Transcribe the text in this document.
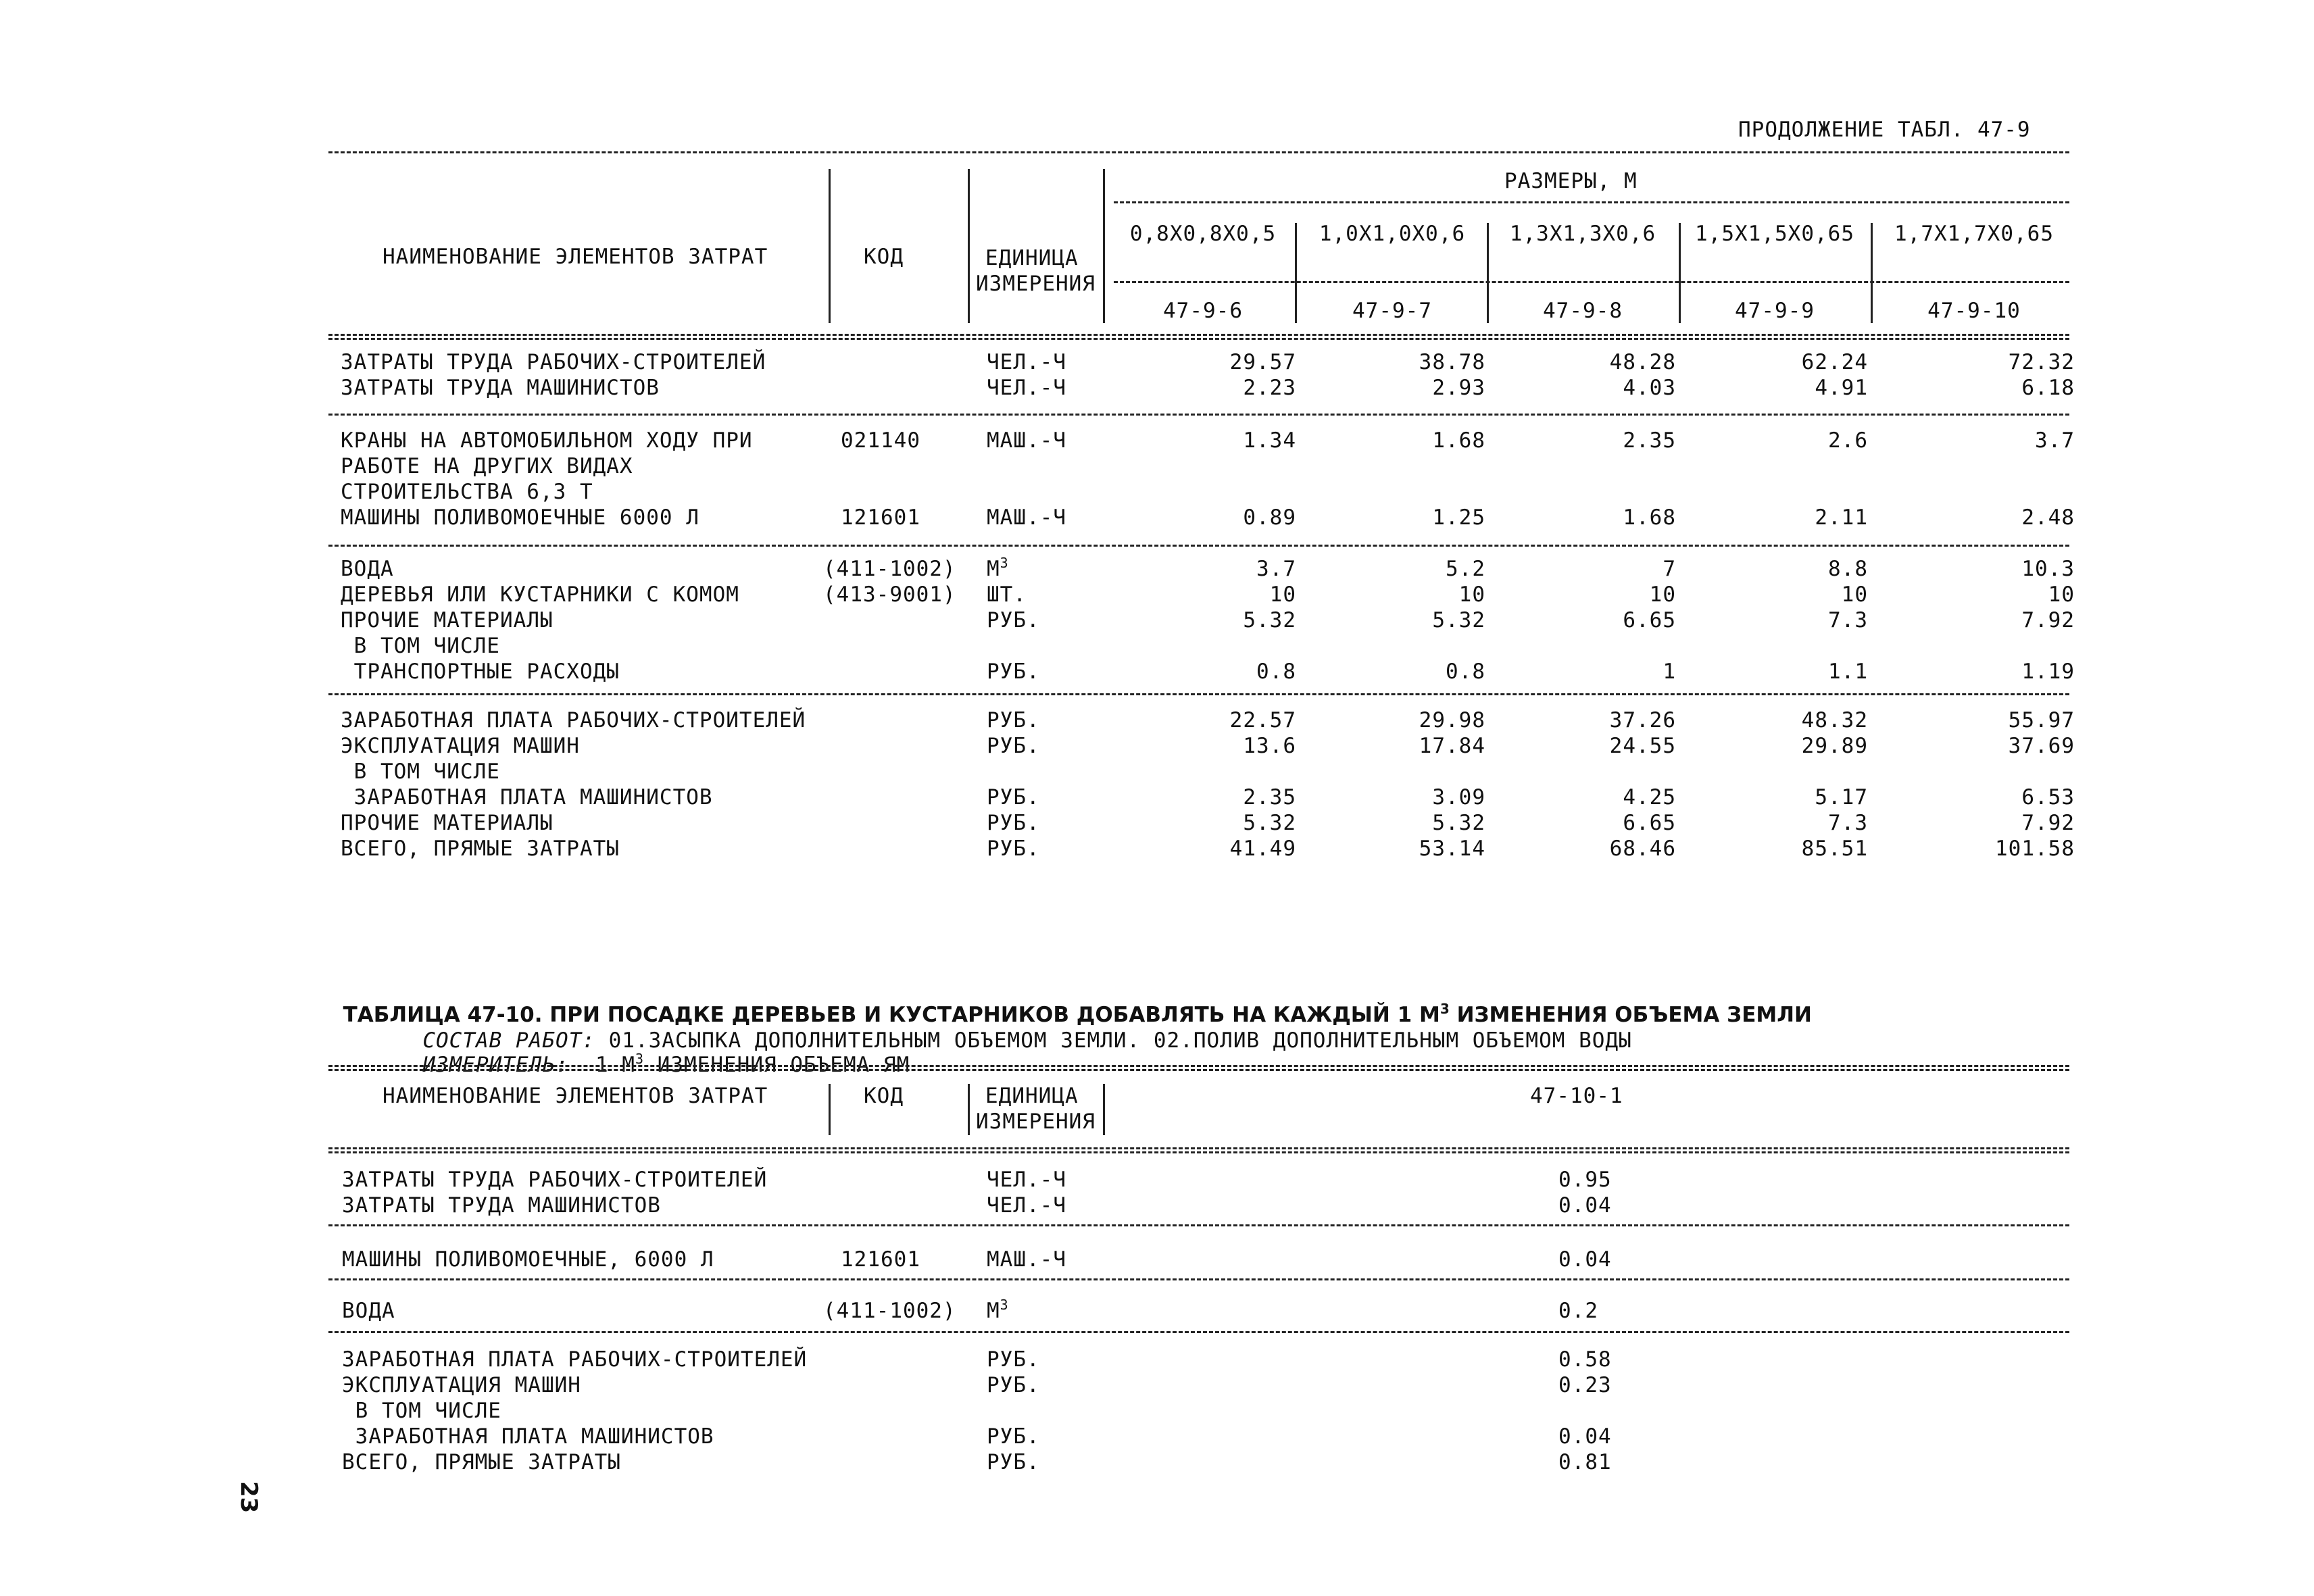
ПРОДОЛЖЕНИЕ ТАБЛ. 47-9
НАИМЕНОВАНИЕ ЭЛЕМЕНТОВ ЗАТРАТ	КОД	ЕДИНИЦА
ИЗМЕРЕНИЯ
РАЗМЕРЫ, М
0,8X0,8X0,5	1,0X1,0X0,6	1,3X1,3X0,6	1,5X1,5X0,65	1,7X1,7X0,65
47-9-6	47-9-7	47-9-8	47-9-9	47-9-10
ЗАТРАТЫ ТРУДА РАБОЧИХ-СТРОИТЕЛЕЙ	ЧЕЛ.-Ч	29.57	38.78	48.28	62.24	72.32
ЗАТРАТЫ ТРУДА МАШИНИСТОВ	ЧЕЛ.-Ч	2.23	2.93	4.03	4.91	6.18
КРАНЫ НА АВТОМОБИЛЬНОМ ХОДУ ПРИ	021140	МАШ.-Ч	1.34	1.68	2.35	2.6	3.7
РАБОТЕ НА ДРУГИХ ВИДАХ
СТРОИТЕЛЬСТВА 6,3 Т
МАШИНЫ ПОЛИВОМОЕЧНЫЕ 6000 Л	121601	МАШ.-Ч	0.89	1.25	1.68	2.11	2.48
ВОДА	(411-1002) $М^3$	3.7	5.2	7	8.8	10.3
ДЕРЕВЬЯ ИЛИ КУСТАРНИКИ С КОМОМ	(413-9001) ШТ.	10	10	10	10	10
ПРОЧИЕ МАТЕРИАЛЫ	РУБ.	5.32	5.32	6.65	7.3	7.92
В ТОМ ЧИСЛЕ
ТРАНСПОРТНЫЕ РАСХОДЫ	РУБ.	0.8	0.8	1	1.1	1.19
ЗАРАБОТНАЯ ПЛАТА РАБОЧИХ-СТРОИТЕЛЕЙ	РУБ.	22.57	29.98	37.26	48.32	55.97
ЭКСПЛУАТАЦИЯ МАШИН	РУБ.	13.6	17.84	24.55	29.89	37.69
В ТОМ ЧИСЛЕ
ЗАРАБОТНАЯ ПЛАТА МАШИНИСТОВ	РУБ.	2.35	3.09	4.25	5.17	6.53
ПРОЧИЕ МАТЕРИАЛЫ	РУБ.	5.32	5.32	6.65	7.3	7.92
ВСЕГО, ПРЯМЫЕ ЗАТРАТЫ	РУБ.	41.49	53.14	68.46	85.51	101.58

ТАБЛИЦА 47-10. ПРИ ПОСАДКЕ ДЕРЕВЬЕВ И КУСТАРНИКОВ ДОБАВЛЯТЬ НА КАЖДЫЙ 1 $М^3$ ИЗМЕНЕНИЯ ОБЪЕМА ЗЕМЛИ

СОСТАВ РАБОТ: 01.ЗАСЫПКА ДОПОЛНИТЕЛЬНЫМ ОБЪЕМОМ ЗЕМЛИ. 02.ПОЛИВ ДОПОЛНИТЕЛЬНЫМ ОБЪЕМОМ ВОДЫ

ИЗМЕРИТЕЛЬ:  1 $М^3$ ИЗМЕНЕНИЯ ОБЪЕМА ЯМ

НАИМЕНОВАНИЕ ЭЛЕМЕНТОВ ЗАТРАТ	КОД	ЕДИНИЦА
ИЗМЕРЕНИЯ
47-10-1
ЗАТРАТЫ ТРУДА РАБОЧИХ-СТРОИТЕЛЕЙ	ЧЕЛ.-Ч	0.95
ЗАТРАТЫ ТРУДА МАШИНИСТОВ	ЧЕЛ.-Ч	0.04
МАШИНЫ ПОЛИВОМОЕЧНЫЕ, 6000 Л	121601	МАШ.-Ч	0.04
ВОДА	(411-1002) $М^3$	0.2
ЗАРАБОТНАЯ ПЛАТА РАБОЧИХ-СТРОИТЕЛЕЙ	РУБ.	0.58
ЭКСПЛУАТАЦИЯ МАШИН	РУБ.	0.23
В ТОМ ЧИСЛЕ
ЗАРАБОТНАЯ ПЛАТА МАШИНИСТОВ	РУБ.	0.04
ВСЕГО, ПРЯМЫЕ ЗАТРАТЫ	РУБ.	0.81
23
